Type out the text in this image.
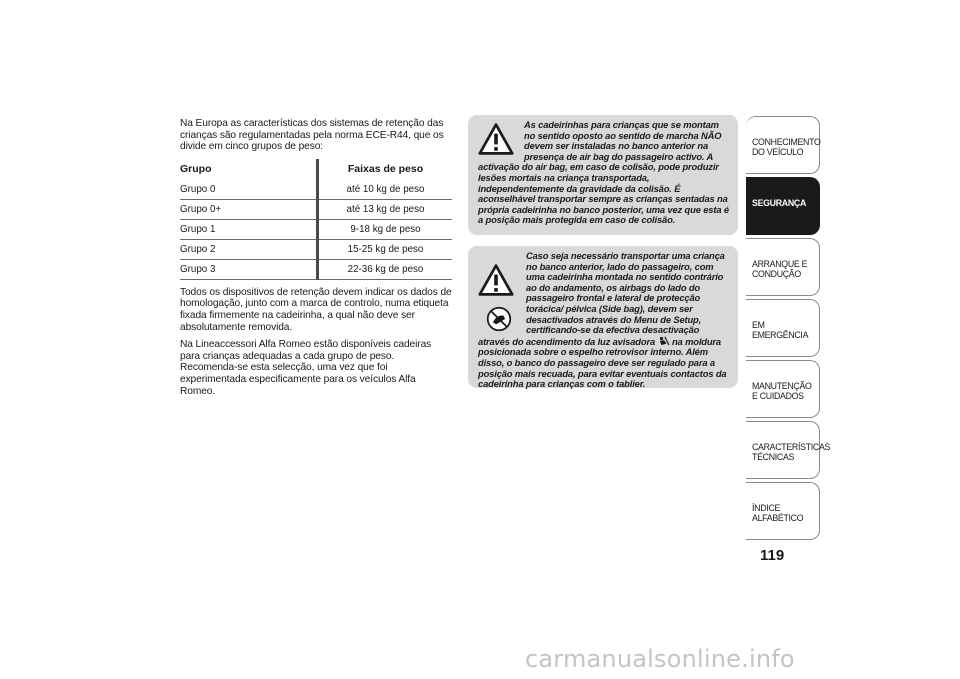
Na Europa as características dos sistemas de retenção das crianças são regulamentadas pela norma ECE-R44, que os divide em cinco grupos de peso:

Grupo	Faixas de peso
Grupo 0	até 10 kg de peso
Grupo 0+	até 13 kg de peso
Grupo 1	9-18 kg de peso
Grupo 2	15-25 kg de peso
Grupo 3	22-36 kg de peso

Todos os dispositivos de retenção devem indicar os dados de homologação, junto com a marca de controlo, numa etiqueta fixada firmemente na cadeirinha, a qual não deve ser absolutamente removida.

Na Lineaccessori Alfa Romeo estão disponíveis cadeiras para crianças adequadas a cada grupo de peso. Recomenda-se esta selecção, uma vez que foi experimentada especificamente para os veículos Alfa Romeo.

As cadeirinhas para crianças que se montam no sentido oposto ao sentido de marcha NÃO devem ser instaladas no banco anterior na presença de air bag do passageiro activo. A activação do air bag, em caso de colisão, pode produzir lesões mortais na criança transportada, independentemente da gravidade da colisão. É aconselhável transportar sempre as crianças sentadas na própria cadeirinha no banco posterior, uma vez que esta é a posição mais protegida em caso de colisão.

Caso seja necessário transportar uma criança no banco anterior, lado do passageiro, com uma cadeirinha montada no sentido contrário ao do andamento, os airbags do lado do passageiro frontal e lateral de protecção torácica/ pélvica (Side bag), devem ser desactivados através do Menu de Setup, certificando-se da efectiva desactivação através do acendimento da luz avisadora na moldura posicionada sobre o espelho retrovisor interno. Além disso, o banco do passageiro deve ser regulado para a posição mais recuada, para evitar eventuais contactos da cadeirinha para crianças com o tablier.

CONHECIMENTO DO VEÍCULO
SEGURANÇA
ARRANQUE E CONDUÇÃO
EM EMERGÊNCIA
MANUTENÇÃO E CUIDADOS
CARACTERÍSTICAS TÉCNICAS
ÍNDICE ALFABÉTICO
119
carmanualsonline.info
